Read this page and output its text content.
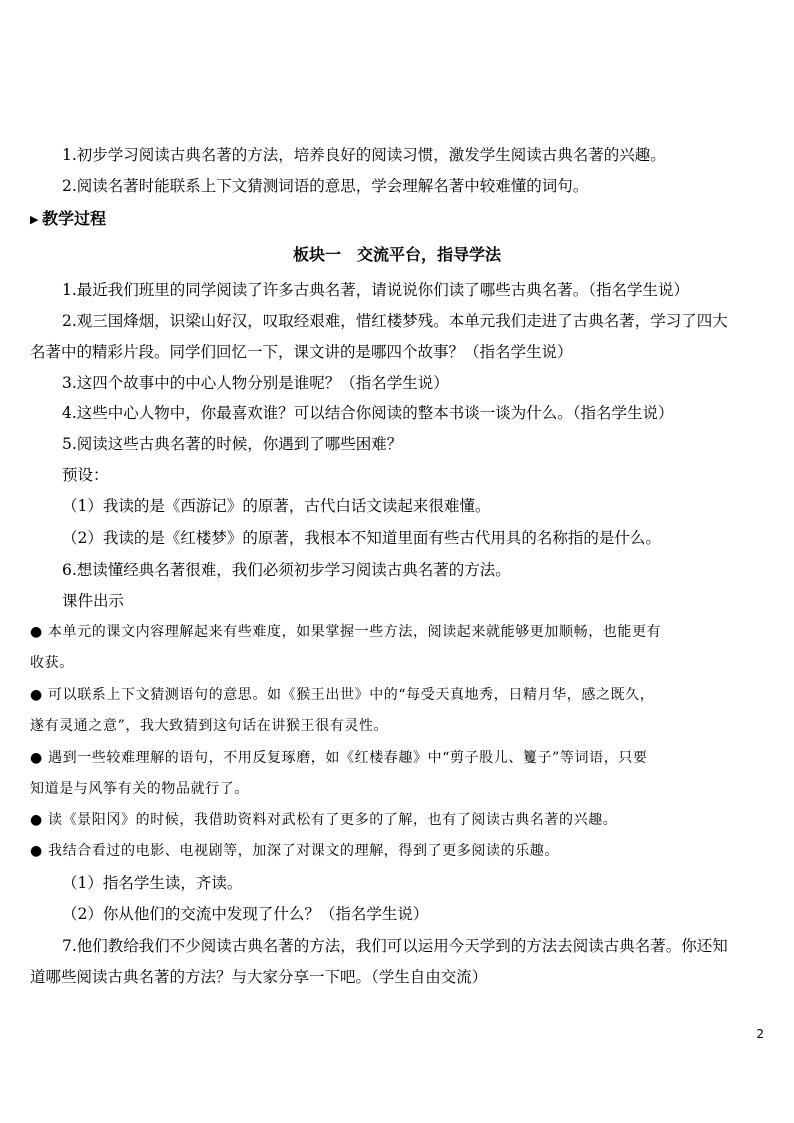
1.初步学习阅读古典名著的方法，培养良好的阅读习惯，激发学生阅读古典名著的兴趣。
2.阅读名著时能联系上下文猜测词语的意思，学会理解名著中较难懂的词句。
▶ 教学过程
板块一　交流平台，指导学法
1.最近我们班里的同学阅读了许多古典名著，请说说你们读了哪些古典名著。（指名学生说）
2.观三国烽烟，识梁山好汉，叹取经艰难，惜红楼梦残。本单元我们走进了古典名著，学习了四大
名著中的精彩片段。同学们回忆一下，课文讲的是哪四个故事？（指名学生说）
3.这四个故事中的中心人物分别是谁呢？（指名学生说）
4.这些中心人物中，你最喜欢谁？可以结合你阅读的整本书谈一谈为什么。（指名学生说）
5.阅读这些古典名著的时候，你遇到了哪些困难？
预设：
（1）我读的是《西游记》的原著，古代白话文读起来很难懂。
（2）我读的是《红楼梦》的原著，我根本不知道里面有些古代用具的名称指的是什么。
6.想读懂经典名著很难，我们必须初步学习阅读古典名著的方法。
课件出示
● 本单元的课文内容理解起来有些难度，如果掌握一些方法，阅读起来就能够更加顺畅，也能更有
收获。
● 可以联系上下文猜测语句的意思。如《猴王出世》中的“每受天真地秀，日精月华，感之既久，
遂有灵通之意”，我大致猜到这句话在讲猴王很有灵性。
● 遇到一些较难理解的语句，不用反复琢磨，如《红楼春趣》中“剪子股儿、籰子”等词语，只要
知道是与风筝有关的物品就行了。
● 读《景阳冈》的时候，我借助资料对武松有了更多的了解，也有了阅读古典名著的兴趣。
● 我结合看过的电影、电视剧等，加深了对课文的理解，得到了更多阅读的乐趣。
（1）指名学生读，齐读。
（2）你从他们的交流中发现了什么？（指名学生说）
7.他们教给我们不少阅读古典名著的方法，我们可以运用今天学到的方法去阅读古典名著。你还知
道哪些阅读古典名著的方法？与大家分享一下吧。（学生自由交流）
2
